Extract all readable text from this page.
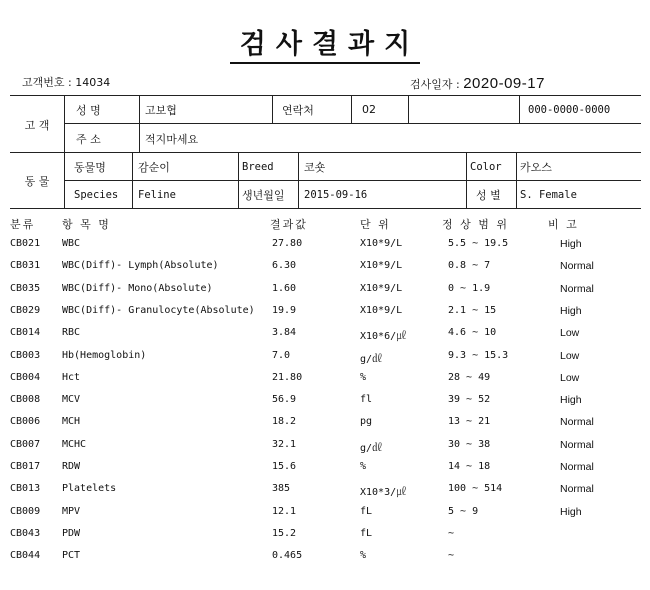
검사결과지
고객번호 : 14034	검사일자 : 2020-09-17
고 객
성 명	고보협	연락처	02	000-0000-0000
주 소	적지마세요
동 물
동물명	감순이	Breed	코숏	Color	카오스
Species	Feline	생년월일	2015-09-16	성 별	S. Female
분류 항 목 명	결과값	단 위	정 상 범 위	비 고
CB021 WBC	27.80	X10*9/L	5.5 ~ 19.5	High
CB031 WBC(Diff)- Lymph(Absolute)	6.30	X10*9/L	0.8 ~ 7	Normal
CB035 WBC(Diff)- Mono(Absolute)	1.60	X10*9/L	0 ~ 1.9	Normal
CB029 WBC(Diff)- Granulocyte(Absolute) 19.9	X10*9/L	2.1 ~ 15	High
CB014 RBC	3.84	X10*6/㎕	4.6 ~ 10	Low
CB003 Hb(Hemoglobin)	7.0	g/㎗	9.3 ~ 15.3	Low
CB004 Hct	21.80	%	28 ~ 49	Low
CB008 MCV	56.9	fl	39 ~ 52	High
CB006 MCH	18.2	pg	13 ~ 21	Normal
CB007 MCHC	32.1	g/㎗	30 ~ 38	Normal
CB017 RDW	15.6	%	14 ~ 18	Normal
CB013 Platelets	385	X10*3/㎕	100 ~ 514	Normal
CB009 MPV	12.1	fL	5 ~ 9	High
CB043 PDW	15.2	fL	~
CB044 PCT	0.465	%	~
